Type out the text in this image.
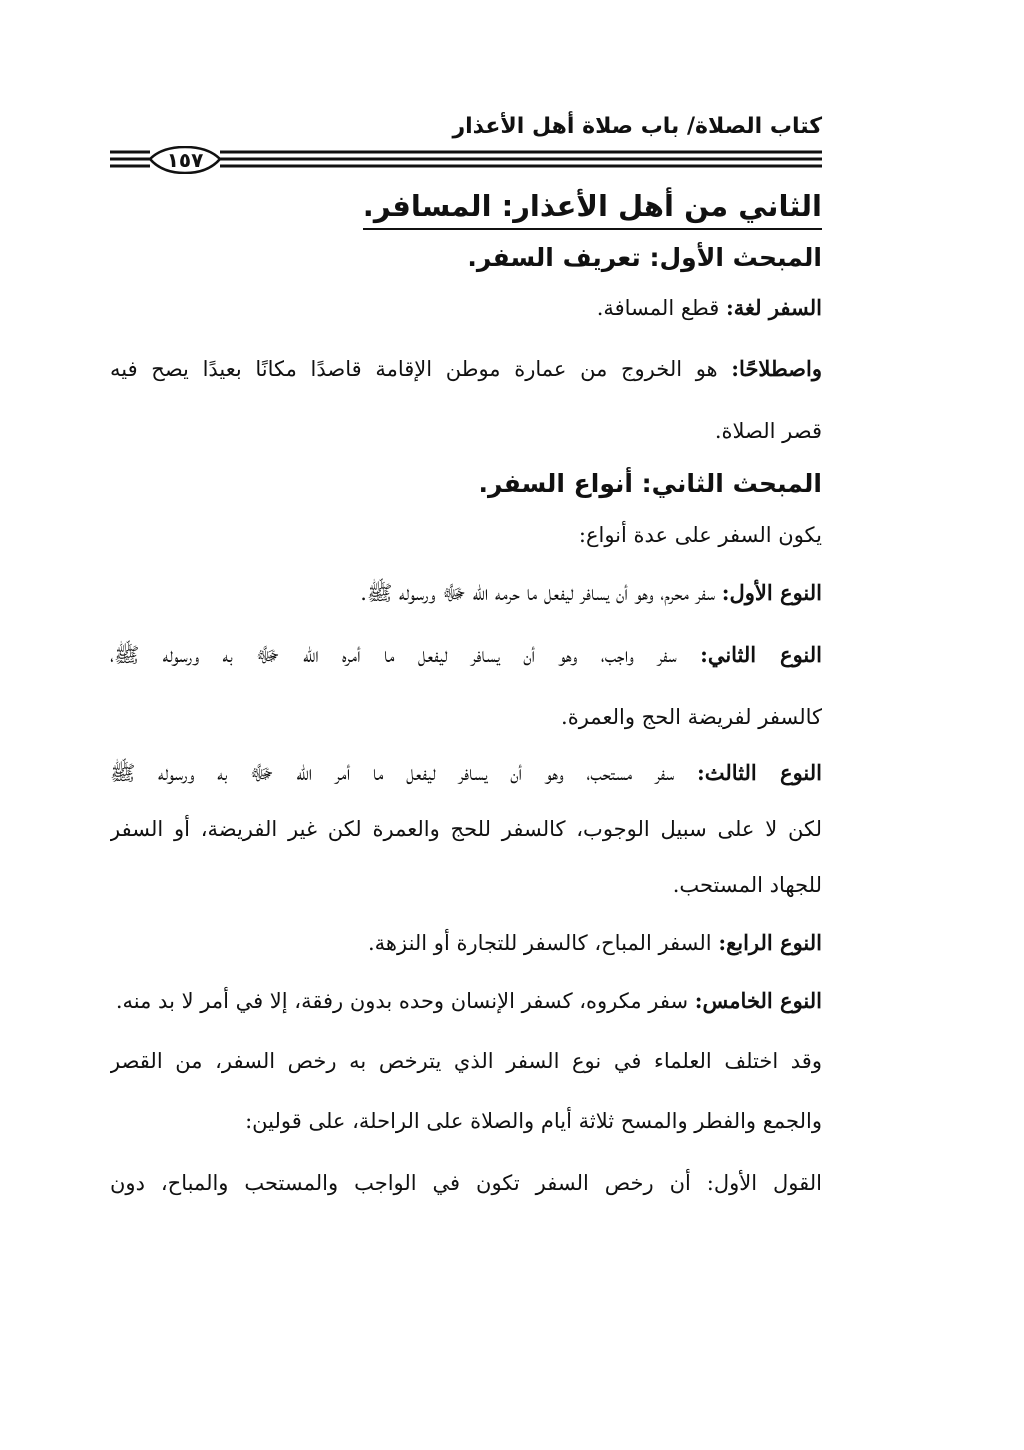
كتاب الصلاة/ باب صلاة أهل الأعذار
١٥٧
الثاني من أهل الأعذار: المسافر.
المبحث الأول: تعريف السفر.
السفر لغة: قطع المسافة.
واصطلاحًا: هو الخروج من عمارة موطن الإقامة قاصدًا مكانًا بعيدًا يصح فيه
قصر الصلاة.
المبحث الثاني: أنواع السفر.
يكون السفر على عدة أنواع:
النوع الأول: سفر محرم، وهو أن يسافر ليفعل ما حرمه الله ﷻ ورسوله ﷺ.
النوع الثاني: سفر واجب، وهو أن يسافر ليفعل ما أمره الله ﷻ به ورسوله ﷺ،
كالسفر لفريضة الحج والعمرة.
النوع الثالث: سفر مستحب، وهو أن يسافر ليفعل ما أمر الله ﷻ به ورسوله ﷺ
لكن لا على سبيل الوجوب، كالسفر للحج والعمرة لكن غير الفريضة، أو السفر
للجهاد المستحب.
النوع الرابع: السفر المباح، كالسفر للتجارة أو النزهة.
النوع الخامس: سفر مكروه، كسفر الإنسان وحده بدون رفقة، إلا في أمر لا بد منه.
وقد اختلف العلماء في نوع السفر الذي يترخص به رخص السفر، من القصر
والجمع والفطر والمسح ثلاثة أيام والصلاة على الراحلة، على قولين:
القول الأول: أن رخص السفر تكون في الواجب والمستحب والمباح، دون
